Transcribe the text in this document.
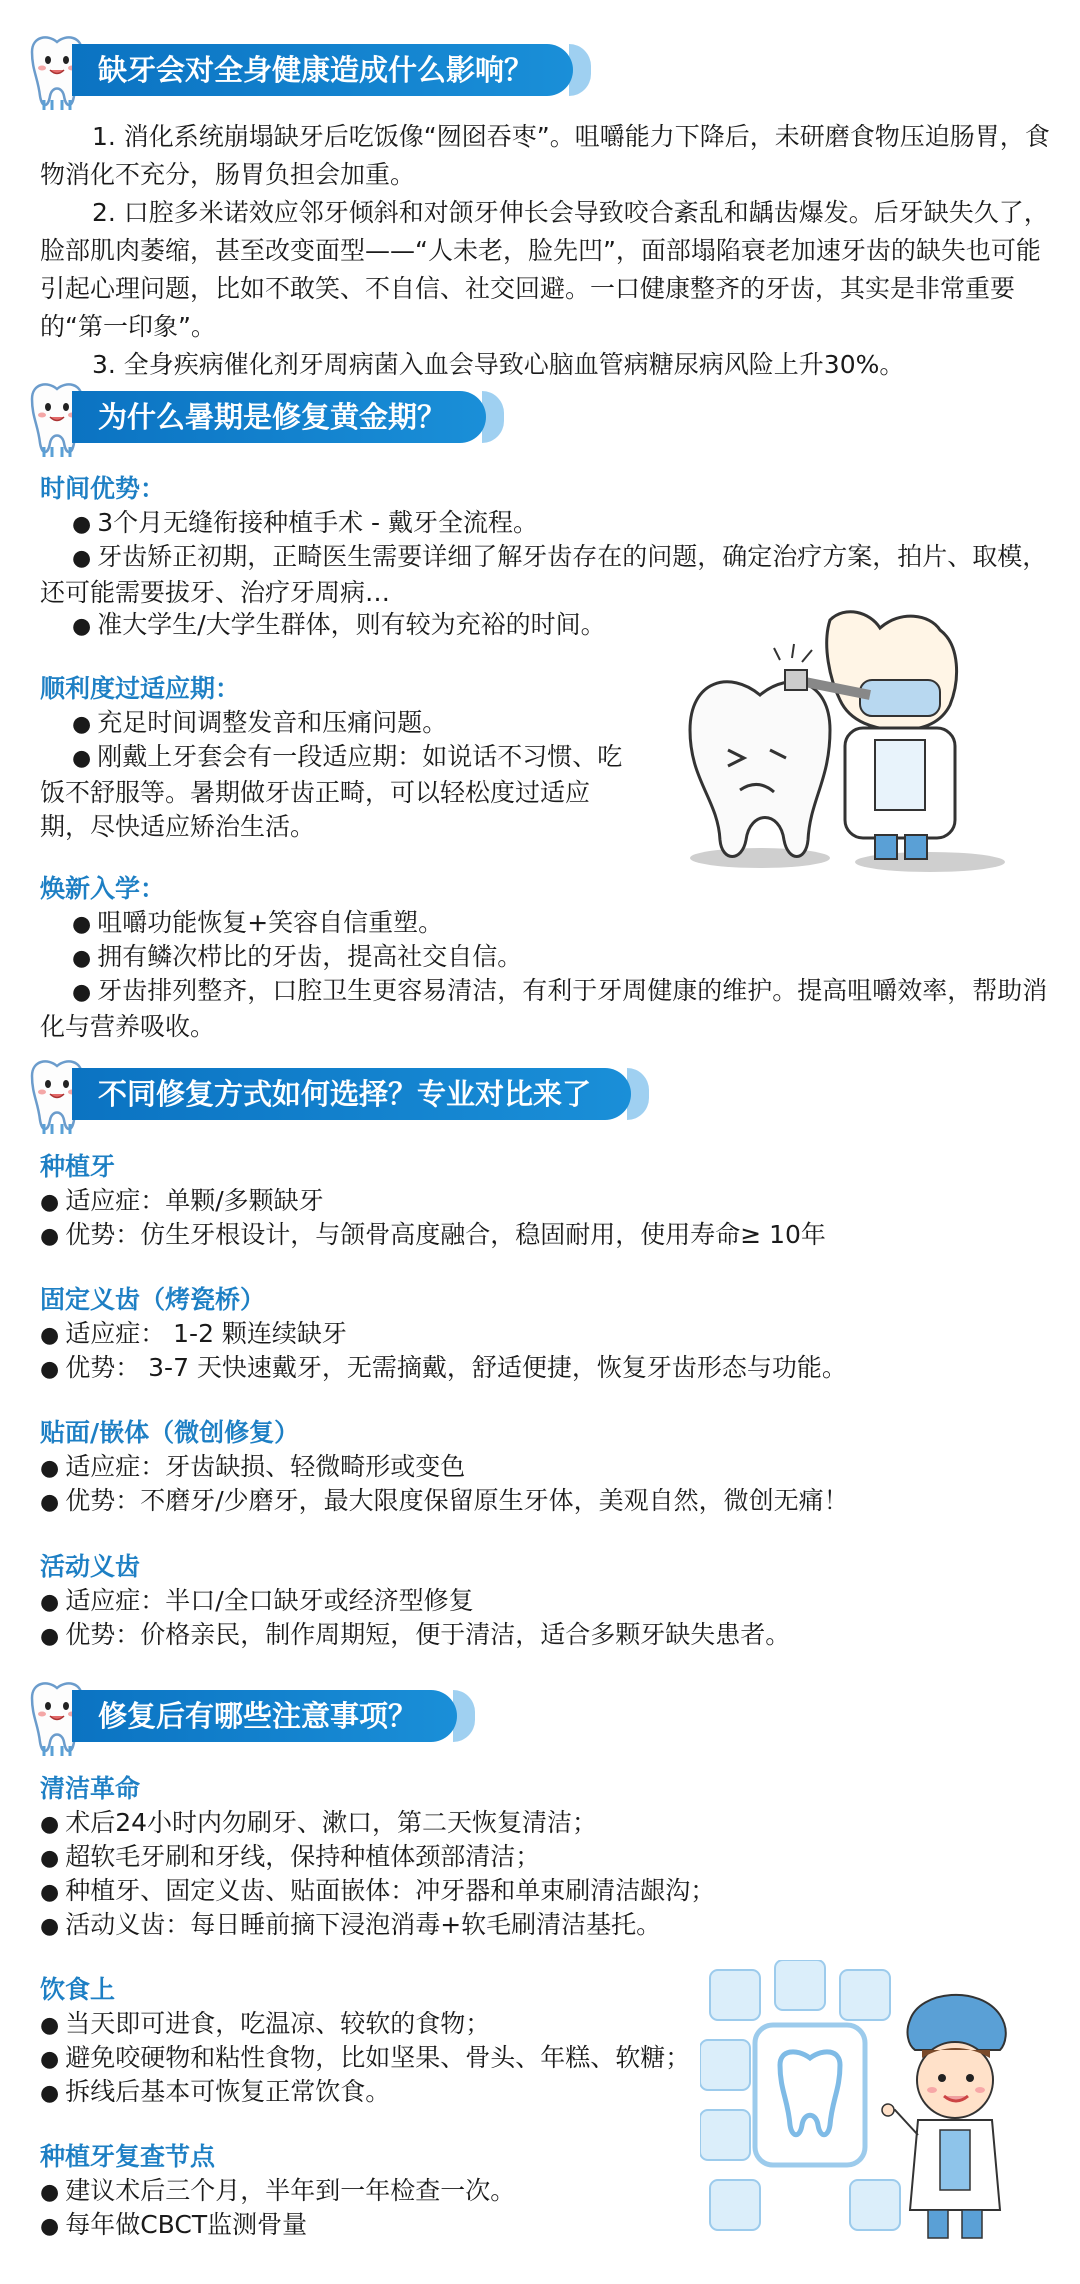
缺牙会对全身健康造成什么影响？

1. 消化系统崩塌缺牙后吃饭像“囫囵吞枣”。咀嚼能力下降后，未研磨食物压迫肠胃，食物消化不充分，肠胃负担会加重。

2. 口腔多米诺效应邻牙倾斜和对颌牙伸长会导致咬合紊乱和龋齿爆发。后牙缺失久了，脸部肌肉萎缩，甚至改变面型——“人未老，脸先凹”，面部塌陷衰老加速牙齿的缺失也可能引起心理问题，比如不敢笑、不自信、社交回避。一口健康整齐的牙齿，其实是非常重要的“第一印象”。

3. 全身疾病催化剂牙周病菌入血会导致心脑血管病糖尿病风险上升30%。

为什么暑期是修复黄金期？

时间优势：

● 3个月无缝衔接种植手术 - 戴牙全流程。

● 牙齿矫正初期，正畸医生需要详细了解牙齿存在的问题，确定治疗方案，拍片、取模，还可能需要拔牙、治疗牙周病…

● 准大学生/大学生群体，则有较为充裕的时间。

顺利度过适应期：

● 充足时间调整发音和压痛问题。

● 刚戴上牙套会有一段适应期：如说话不习惯、吃饭不舒服等。暑期做牙齿正畸，可以轻松度过适应期，尽快适应矫治生活。

焕新入学：

● 咀嚼功能恢复+笑容自信重塑。

● 拥有鳞次栉比的牙齿，提高社交自信。

● 牙齿排列整齐，口腔卫生更容易清洁，有利于牙周健康的维护。提高咀嚼效率，帮助消化与营养吸收。

不同修复方式如何选择？专业对比来了

种植牙

● 适应症：单颗/多颗缺牙

● 优势：仿生牙根设计，与颌骨高度融合，稳固耐用，使用寿命≥ 10年

固定义齿（烤瓷桥）

● 适应症： 1-2 颗连续缺牙

● 优势： 3-7 天快速戴牙，无需摘戴，舒适便捷，恢复牙齿形态与功能。

贴面/嵌体（微创修复）

● 适应症：牙齿缺损、轻微畸形或变色

● 优势：不磨牙/少磨牙，最大限度保留原生牙体，美观自然，微创无痛！

活动义齿

● 适应症：半口/全口缺牙或经济型修复

● 优势：价格亲民，制作周期短，便于清洁，适合多颗牙缺失患者。

修复后有哪些注意事项？

清洁革命

● 术后24小时内勿刷牙、漱口，第二天恢复清洁；

● 超软毛牙刷和牙线，保持种植体颈部清洁；

● 种植牙、固定义齿、贴面嵌体：冲牙器和单束刷清洁龈沟；

● 活动义齿：每日睡前摘下浸泡消毒+软毛刷清洁基托。

饮食上

● 当天即可进食，吃温凉、较软的食物；

● 避免咬硬物和粘性食物，比如坚果、骨头、年糕、软糖；

● 拆线后基本可恢复正常饮食。

种植牙复查节点

● 建议术后三个月，半年到一年检查一次。

● 每年做CBCT监测骨量
